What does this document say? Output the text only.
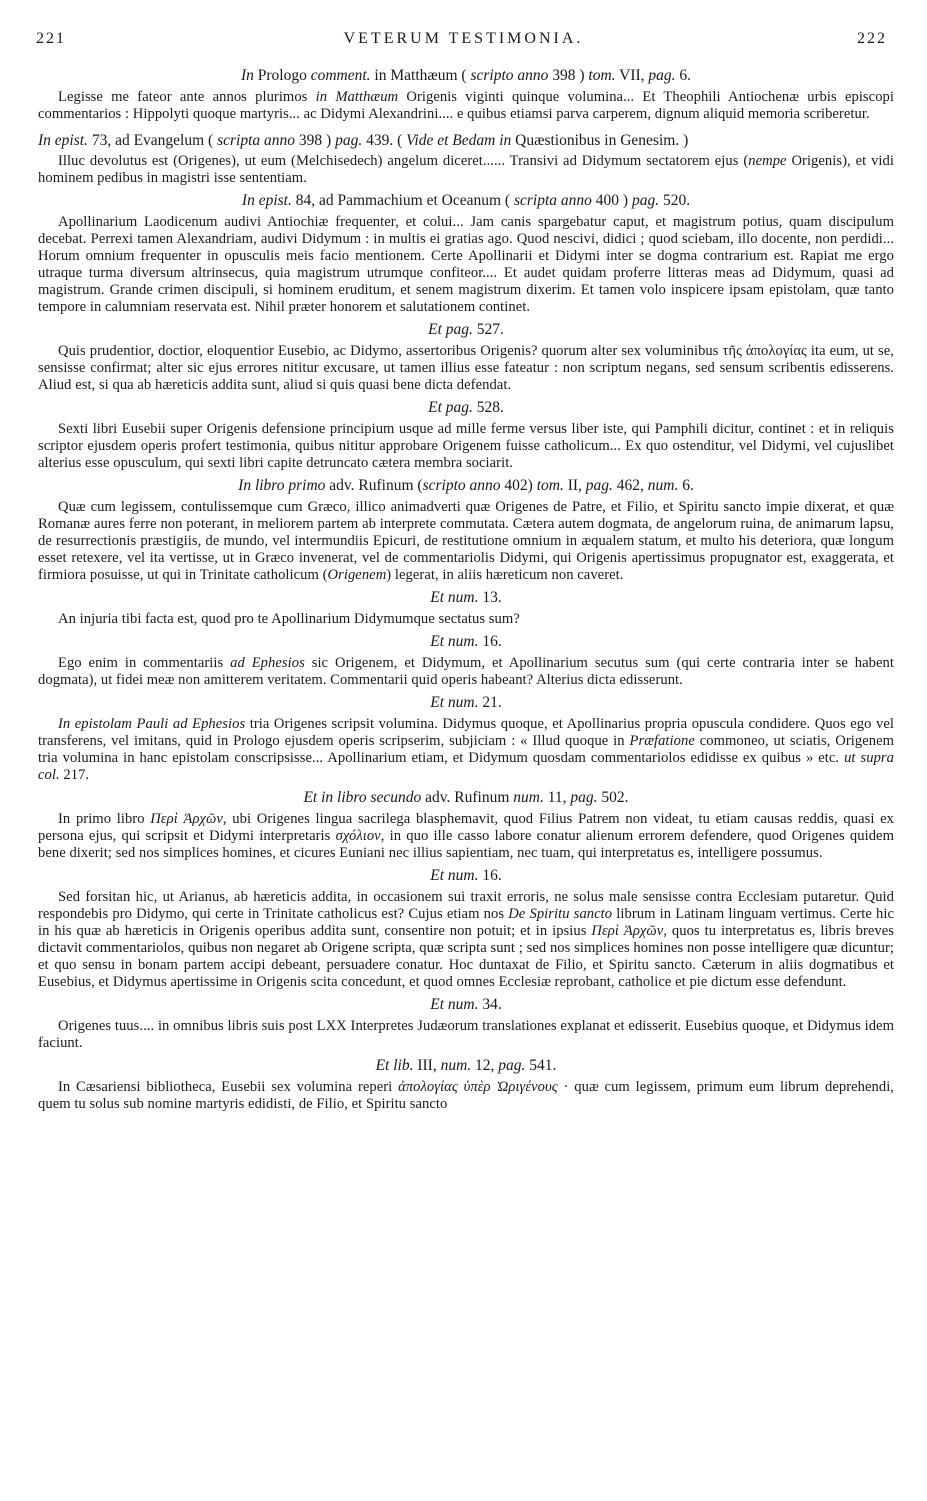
221	VETERUM TESTIMONIA.	222
In Prologo comment. in Matthæum ( scripto anno 398 ) tom. VII, pag. 6.
Legisse me fateor ante annos plurimos in Matthæum Origenis viginti quinque volumina... Et Theophili Antiochenæ urbis episcopi commentarios : Hippolyti quoque martyris... ac Didymi Alexandrini.... e quibus etiamsi parva carperem, dignum aliquid memoria scriberetur.
In epist. 73, ad Evangelum ( scripta anno 398 ) pag. 439. ( Vide et Bedam in Quæstionibus in Genesim. )
Illuc devolutus est (Origenes), ut eum (Melchisedech) angelum diceret...... Transivi ad Didymum sectatorem ejus (nempe Origenis), et vidi hominem pedibus in magistri isse sententiam.
In epist. 84, ad Pammachium et Oceanum ( scripta anno 400 ) pag. 520.
Apollinarium Laodicenum audivi Antiochiæ frequenter, et colui... Jam canis spargebatur caput, et magistrum potius, quam discipulum decebat. Perrexi tamen Alexandriam, audivi Didymum : in multis ei gratias ago. Quod nescivi, didici ; quod sciebam, illo docente, non perdidi... Horum omnium frequenter in opusculis meis facio mentionem. Certe Apollinarii et Didymi inter se dogma contrarium est. Rapiat me ergo utraque turma diversum altrinsecus, quia magistrum utrumque confiteor.... Et audet quidam proferre litteras meas ad Didymum, quasi ad magistrum. Grande crimen discipuli, si hominem eruditum, et senem magistrum dixerim. Et tamen volo inspicere ipsam epistolam, quæ tanto tempore in calumniam reservata est. Nihil præter honorem et salutationem continet.
Et pag. 527.
Quis prudentior, doctior, eloquentior Eusebio, ac Didymo, assertoribus Origenis? quorum alter sex voluminibus τῆς ἀπολογίας ita eum, ut se, sensisse confirmat; alter sic ejus errores nititur excusare, ut tamen illius esse fateatur : non scriptum negans, sed sensum scribentis edisserens. Aliud est, si qua ab hæreticis addita sunt, aliud si quis quasi bene dicta defendat.
Et pag. 528.
Sexti libri Eusebii super Origenis defensione principium usque ad mille ferme versus liber iste, qui Pamphili dicitur, continet : et in reliquis scriptor ejusdem operis profert testimonia, quibus nititur approbare Origenem fuisse catholicum... Ex quo ostenditur, vel Didymi, vel cujuslibet alterius esse opusculum, qui sexti libri capite detruncato cætera membra sociarit.
In libro primo adv. Rufinum (scripto anno 402) tom. II, pag. 462, num. 6.
Quæ cum legissem, contulissemque cum Græco, illico animadverti quæ Origenes de Patre, et Filio, et Spiritu sancto impie dixerat, et quæ Romanæ aures ferre non poterant, in meliorem partem ab interprete commutata. Cætera autem dogmata, de angelorum ruina, de animarum lapsu, de resurrectionis præstigiis, de mundo, vel intermundiis Epicuri, de restitutione omnium in æqualem statum, et multo his deteriora, quæ longum esset retexere, vel ita vertisse, ut in Græco invenerat, vel de commentariolis Didymi, qui Origenis apertissimus propugnator est, exaggerata, et firmiora posuisse, ut qui in Trinitate catholicum (Origenem) legerat, in aliis hæreticum non caveret.
Et num. 13.
An injuria tibi facta est, quod pro te Apollinarium Didymumque sectatus sum?
Et num. 16.
Ego enim in commentariis ad Ephesios sic Origenem, et Didymum, et Apollinarium secutus sum (qui certe contraria inter se habent dogmata), ut fidei meæ non amitterem veritatem. Commentarii quid operis habeant? Alterius dicta edisserunt.
Et num. 21.
In epistolam Pauli ad Ephesios tria Origenes scripsit volumina. Didymus quoque, et Apollinarius propria opuscula condidere. Quos ego vel transferens, vel imitans, quid in Prologo ejusdem operis scripserim, subjiciam : « Illud quoque in Præfatione commoneo, ut sciatis, Origenem tria volumina in hanc epistolam conscripsisse... Apollinarium etiam, et Didymum quosdam commentariolos edidisse ex quibus » etc. ut supra col. 217.
Et in libro secundo adv. Rufinum num. 11, pag. 502.
In primo libro Περὶ Ἀρχῶν, ubi Origenes lingua sacrilega blasphemavit, quod Filius Patrem non videat, tu etiam causas reddis, quasi ex persona ejus, qui scripsit et Didymi interpretaris σχόλιον, in quo ille casso labore conatur alienum errorem defendere, quod Origenes quidem bene dixerit; sed nos simplices homines, et cicures Euniani nec illius sapientiam, nec tuam, qui interpretatus es, intelligere possumus.
Et num. 16.
Sed forsitan hic, ut Arianus, ab hæreticis addita, in occasionem sui traxit erroris, ne solus male sensisse contra Ecclesiam putaretur. Quid respondebis pro Didymo, qui certe in Trinitate catholicus est? Cujus etiam nos De Spiritu sancto librum in Latinam linguam vertimus. Certe hic in his quæ ab hæreticis in Origenis operibus addita sunt, consentire non potuit; et in ipsius Περὶ Ἀρχῶν, quos tu interpretatus es, libris breves dictavit commentariolos, quibus non negaret ab Origene scripta, quæ scripta sunt ; sed nos simplices homines non posse intelligere quæ dicuntur; et quo sensu in bonam partem accipi debeant, persuadere conatur. Hoc duntaxat de Filio, et Spiritu sancto. Cæterum in aliis dogmatibus et Eusebius, et Didymus apertissime in Origenis scita concedunt, et quod omnes Ecclesiæ reprobant, catholice et pie dictum esse defendunt.
Et num. 34.
Origenes tuus.... in omnibus libris suis post LXX Interpretes Judæorum translationes explanat et edisserit. Eusebius quoque, et Didymus idem faciunt.
Et lib. III, num. 12, pag. 541.
In Cæsariensi bibliotheca, Eusebii sex volumina reperi ἀπολογίας ὑπὲρ Ὠριγένους · quæ cum legissem, primum eum librum deprehendi, quem tu solus sub nomine martyris edidisti, de Filio, et Spiritu sancto
